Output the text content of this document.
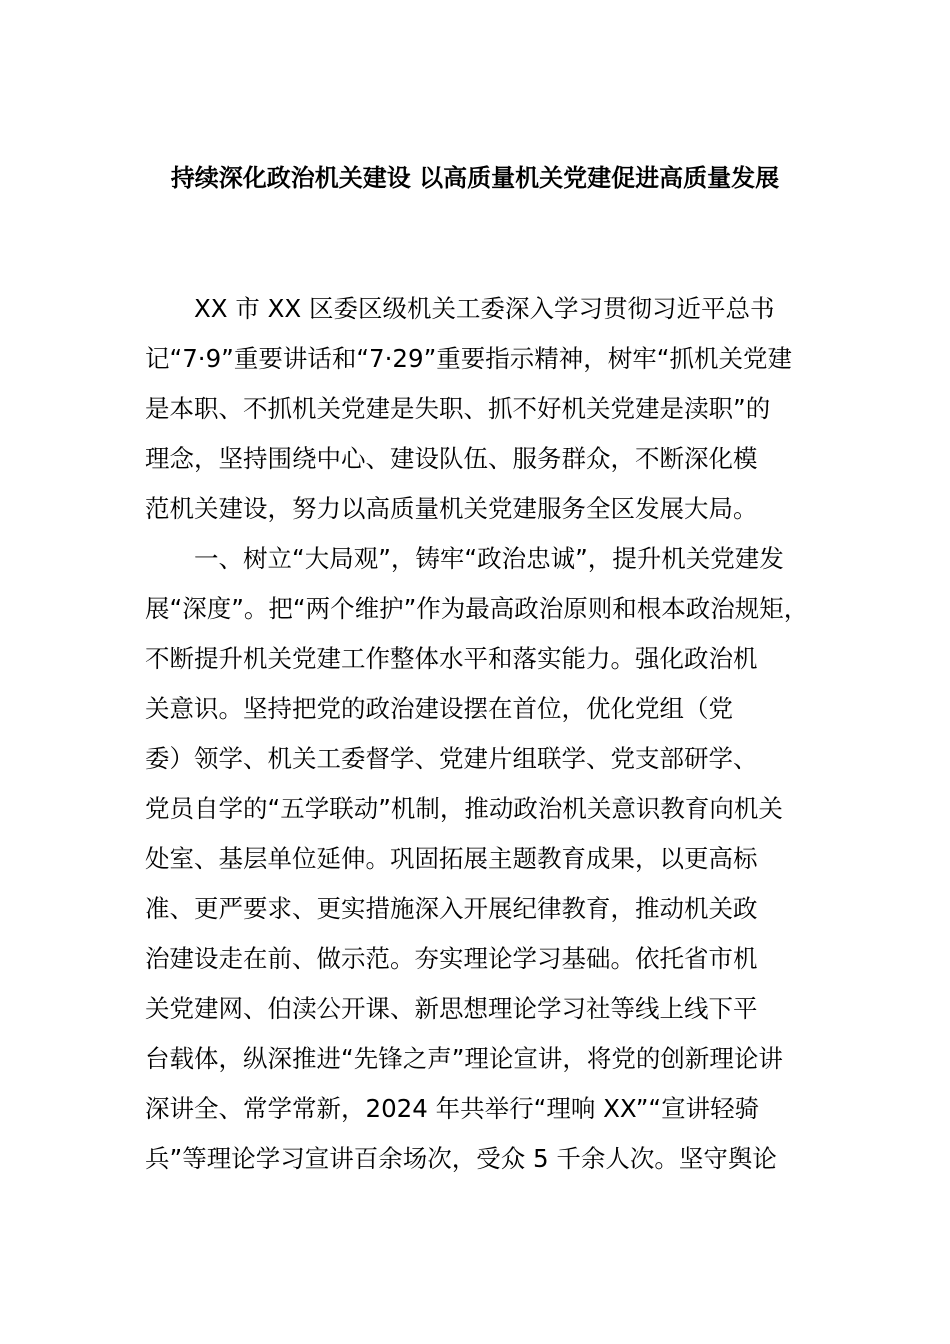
持续深化政治机关建设 以高质量机关党建促进高质量发展

　　XX 市 XX 区委区级机关工委深入学习贯彻习近平总书

记“7·9”重要讲话和“7·29”重要指示精神，树牢“抓机关党建

是本职、不抓机关党建是失职、抓不好机关党建是渎职”的

理念，坚持围绕中心、建设队伍、服务群众，不断深化模

范机关建设，努力以高质量机关党建服务全区发展大局。

　　一、树立“大局观”，铸牢“政治忠诚”，提升机关党建发

展“深度”。把“两个维护”作为最高政治原则和根本政治规矩，

不断提升机关党建工作整体水平和落实能力。强化政治机

关意识。坚持把党的政治建设摆在首位，优化党组（党

委）领学、机关工委督学、党建片组联学、党支部研学、

党员自学的“五学联动”机制，推动政治机关意识教育向机关

处室、基层单位延伸。巩固拓展主题教育成果，以更高标

准、更严要求、更实措施深入开展纪律教育，推动机关政

治建设走在前、做示范。夯实理论学习基础。依托省市机

关党建网、伯渎公开课、新思想理论学习社等线上线下平

台载体，纵深推进“先锋之声”理论宣讲，将党的创新理论讲

深讲全、常学常新，2024 年共举行“理响 XX”“宣讲轻骑

兵”等理论学习宣讲百余场次，受众 5 千余人次。坚守舆论
